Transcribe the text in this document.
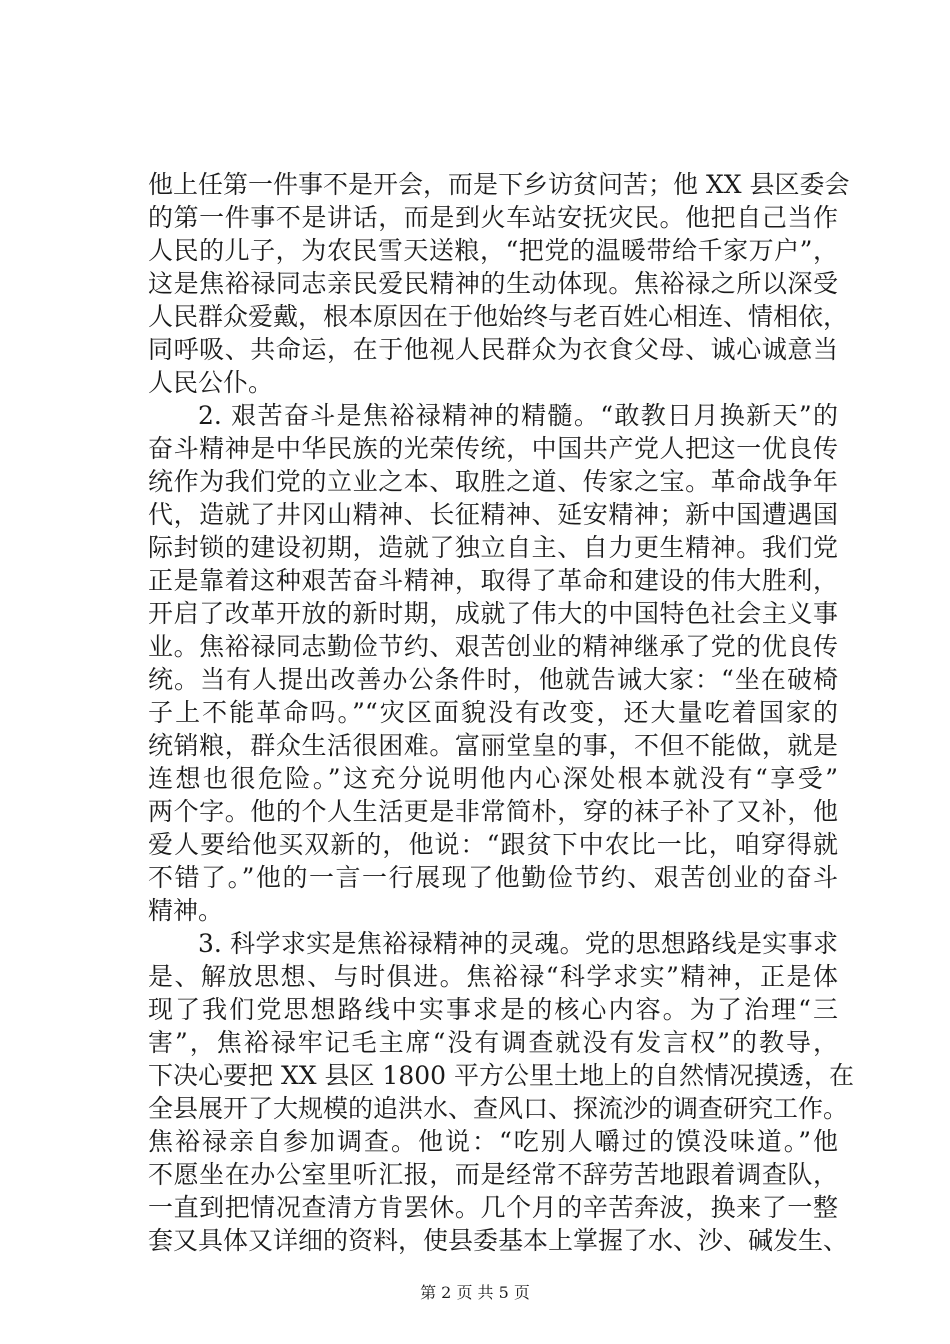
他上任第一件事不是开会，而是下乡访贫问苦；他 XX 县区委会
的第一件事不是讲话，而是到火车站安抚灾民。他把自己当作
人民的儿子，为农民雪天送粮，“把党的温暖带给千家万户”，
这是焦裕禄同志亲民爱民精神的生动体现。焦裕禄之所以深受
人民群众爱戴，根本原因在于他始终与老百姓心相连、情相依，
同呼吸、共命运，在于他视人民群众为衣食父母、诚心诚意当
人民公仆。
2. 艰苦奋斗是焦裕禄精神的精髓。“敢教日月换新天”的
奋斗精神是中华民族的光荣传统，中国共产党人把这一优良传
统作为我们党的立业之本、取胜之道、传家之宝。革命战争年
代，造就了井冈山精神、长征精神、延安精神；新中国遭遇国
际封锁的建设初期，造就了独立自主、自力更生精神。我们党
正是靠着这种艰苦奋斗精神，取得了革命和建设的伟大胜利，
开启了改革开放的新时期，成就了伟大的中国特色社会主义事
业。焦裕禄同志勤俭节约、艰苦创业的精神继承了党的优良传
统。当有人提出改善办公条件时，他就告诫大家：“坐在破椅
子上不能革命吗。”“灾区面貌没有改变，还大量吃着国家的
统销粮，群众生活很困难。富丽堂皇的事，不但不能做，就是
连想也很危险。”这充分说明他内心深处根本就没有“享受”
两个字。他的个人生活更是非常简朴，穿的袜子补了又补，他
爱人要给他买双新的，他说：“跟贫下中农比一比，咱穿得就
不错了。”他的一言一行展现了他勤俭节约、艰苦创业的奋斗
精神。
3. 科学求实是焦裕禄精神的灵魂。党的思想路线是实事求
是、解放思想、与时俱进。焦裕禄“科学求实”精神，正是体
现了我们党思想路线中实事求是的核心内容。为了治理“三
害”，焦裕禄牢记毛主席“没有调查就没有发言权”的教导，
下决心要把 XX 县区 1800 平方公里土地上的自然情况摸透，在
全县展开了大规模的追洪水、查风口、探流沙的调查研究工作。
焦裕禄亲自参加调查。他说：“吃别人嚼过的馍没味道。”他
不愿坐在办公室里听汇报，而是经常不辞劳苦地跟着调查队，
一直到把情况查清方肯罢休。几个月的辛苦奔波，换来了一整
套又具体又详细的资料，使县委基本上掌握了水、沙、碱发生、
第 2 页 共 5 页
